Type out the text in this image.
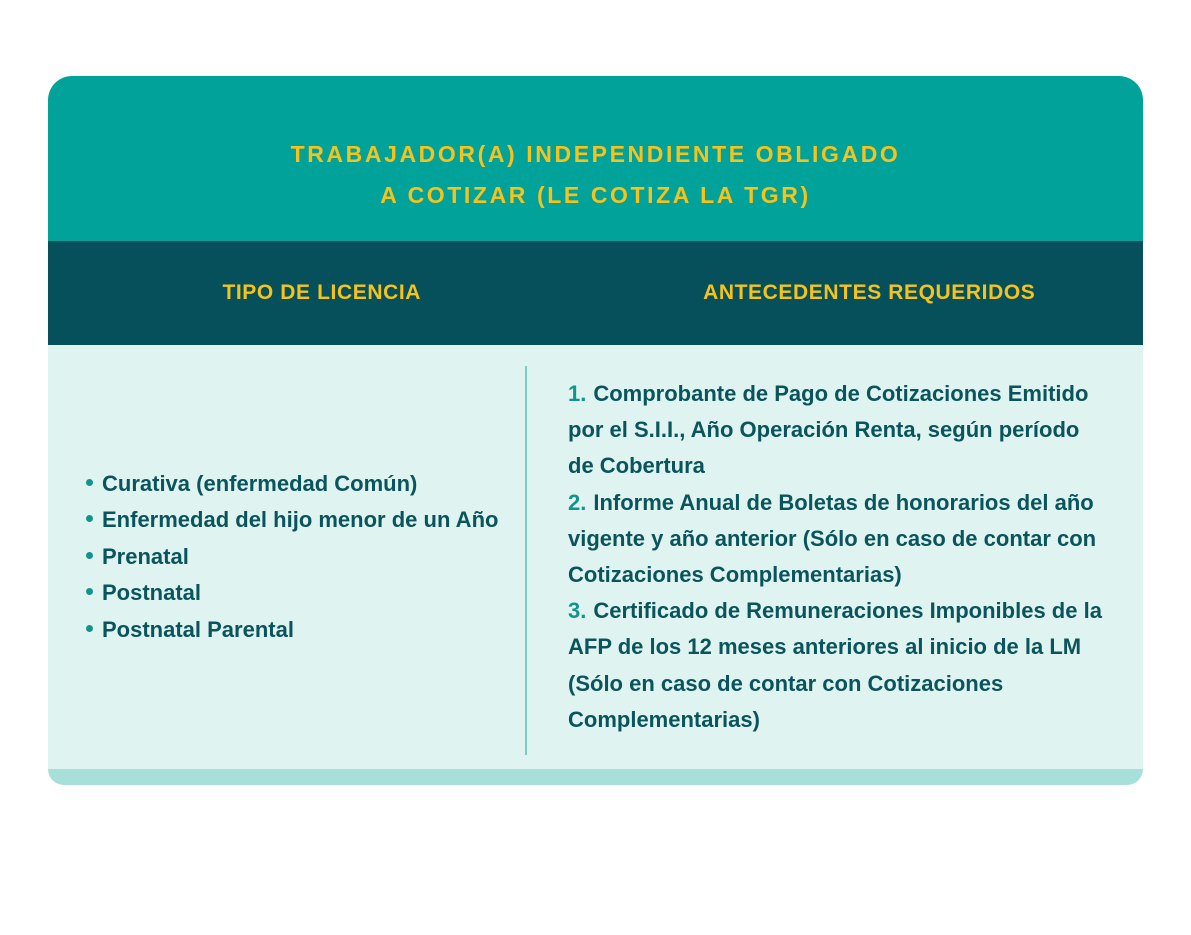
TRABAJADOR(A) INDEPENDIENTE OBLIGADO
A COTIZAR (LE COTIZA LA TGR)
TIPO DE LICENCIA	ANTECEDENTES REQUERIDOS
Curativa (enfermedad Común)
Enfermedad del hijo menor de un Año
Prenatal
Postnatal
Postnatal Parental

1. Comprobante de Pago de Cotizaciones Emitido por el S.I.I., Año Operación Renta, según período de Cobertura

2. Informe Anual de Boletas de honorarios del año vigente y año anterior (Sólo en caso de contar con Cotizaciones Complementarias)

3. Certificado de Remuneraciones Imponibles de la AFP de los 12 meses anteriores al inicio de la LM (Sólo en caso de contar con Cotizaciones Complementarias)
